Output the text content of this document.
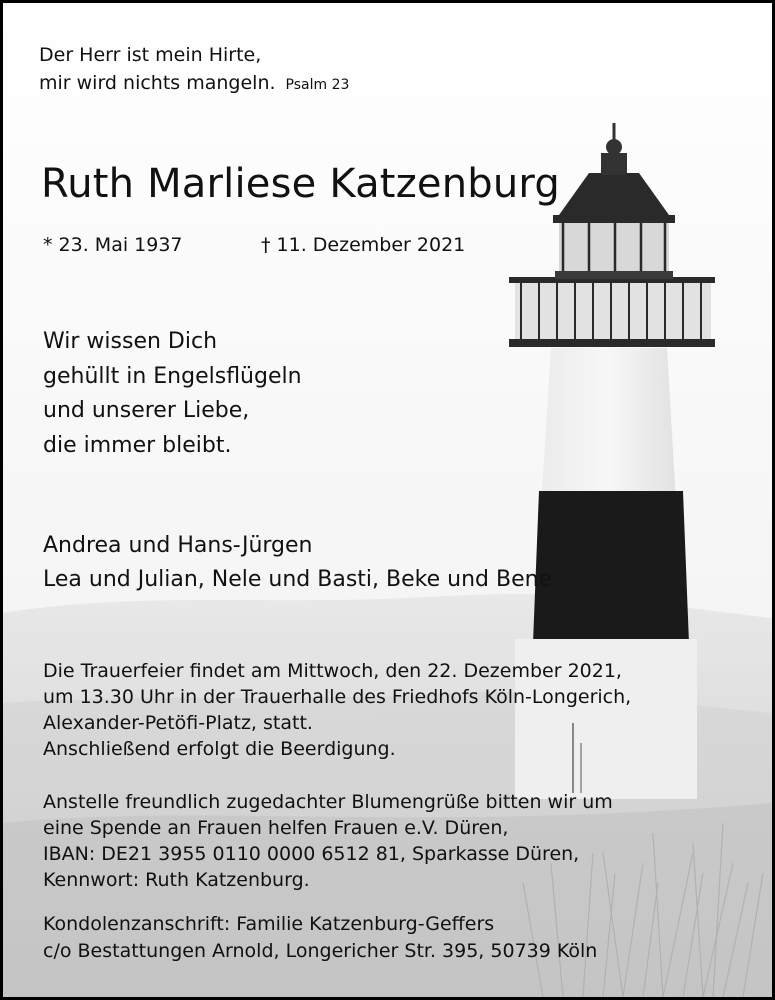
Der Herr ist mein Hirte,
mir wird nichts mangeln. Psalm 23
Ruth Marliese Katzenburg
* 23. Mai 1937	† 11. Dezember 2021
Wir wissen Dich
gehüllt in Engelsflügeln
und unserer Liebe,
die immer bleibt.
Andrea und Hans-Jürgen
Lea und Julian, Nele und Basti, Beke und Bene
Die Trauerfeier findet am Mittwoch, den 22. Dezember 2021,
um 13.30 Uhr in der Trauerhalle des Friedhofs Köln-Longerich,
Alexander-Petöfi-Platz, statt.
Anschließend erfolgt die Beerdigung.
Anstelle freundlich zugedachter Blumengrüße bitten wir um
eine Spende an Frauen helfen Frauen e.V. Düren,
IBAN: DE21 3955 0110 0000 6512 81, Sparkasse Düren,
Kennwort: Ruth Katzenburg.
Kondolenzanschrift: Familie Katzenburg-Geffers
c/o Bestattungen Arnold, Longericher Str. 395, 50739 Köln
